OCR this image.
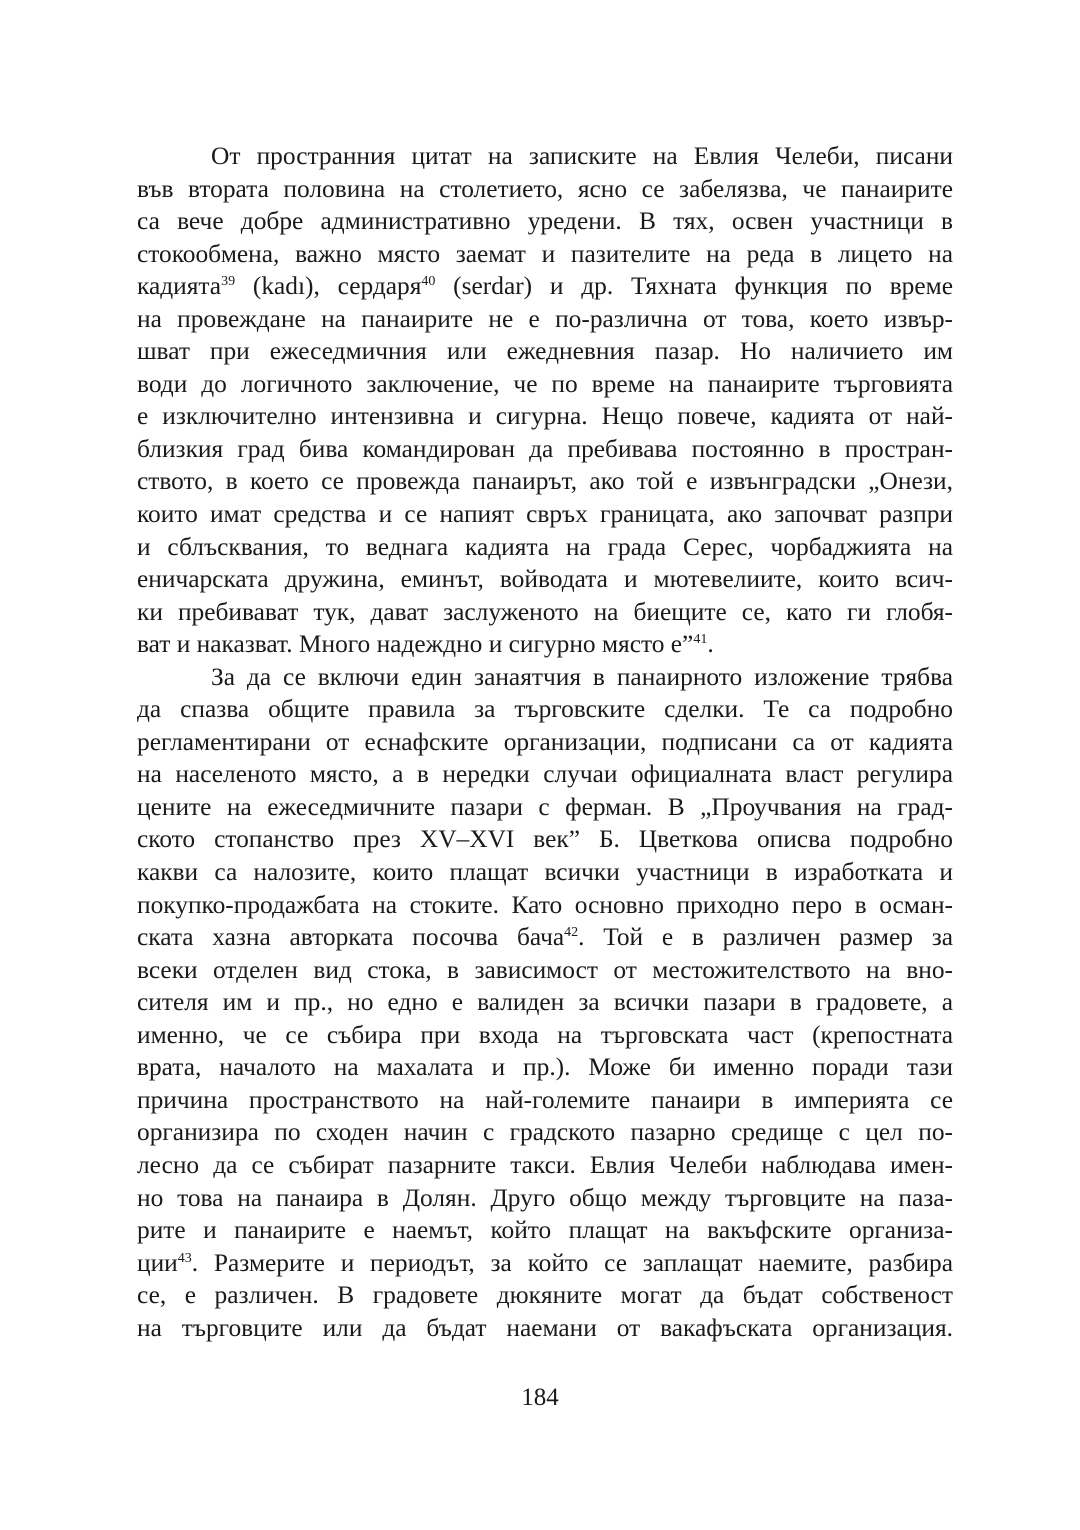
От пространния цитат на записките на Евлия Челеби, писани
във втората половина на столетието, ясно се забелязва, че панаирите
са вече добре административно уредени. В тях, освен участници в
стокообмена, важно място заемат и пазителите на реда в лицето на
кадията$^{39}$ (kadı), сердаря$^{40}$ (serdar) и др. Тяхната функция по време
на провеждане на панаирите не е по-различна от това, което извър-
шват при ежеседмичния или ежедневния пазар. Но наличието им
води до логичното заключение, че по време на панаирите търговията
е изключително интензивна и сигурна. Нещо повече, кадията от най-
близкия град бива командирован да пребивава постоянно в простран-
ството, в което се провежда панаирът, ако той е извънградски „Онези,
които имат средства и се напият свръх границата, ако започват разпри
и сблъсквания, то веднага кадията на града Серес, чорбаджията на
еничарската дружина, еминът, войводата и мютевелиите, които всич-
ки пребивават тук, дават заслуженото на биещите се, като ги глобя-
ват и наказват. Много надеждно и сигурно място е”$^{41}$.
За да се включи един занаятчия в панаирното изложение трябва
да спазва общите правила за търговските сделки. Те са подробно
регламентирани от еснафските организации, подписани са от кадията
на населеното място, а в нередки случаи официалната власт регулира
цените на ежеседмичните пазари с ферман. В „Проучвания на град-
ското стопанство през XV–XVI век” Б. Цветкова описва подробно
какви са налозите, които плащат всички участници в изработката и
покупко-продажбата на стоките. Като основно приходно перо в осман-
ската хазна авторката посочва бача$^{42}$. Той е в различен размер за
всеки отделен вид стока, в зависимост от местожителството на вно-
сителя им и пр., но едно е валиден за всички пазари в градовете, а
именно, че се събира при входа на търговската част (крепостната
врата, началото на махалата и пр.). Може би именно поради тази
причина пространството на най-големите панаири в империята се
организира по сходен начин с градското пазарно средище с цел по-
лесно да се събират пазарните такси. Евлия Челеби наблюдава имен-
но това на панаира в Долян. Друго общо между търговците на паза-
рите и панаирите е наемът, който плащат на вакъфските организа-
ции$^{43}$. Размерите и периодът, за който се заплащат наемите, разбира
се, е различен. В градовете дюкяните могат да бъдат собственост
на търговците или да бъдат наемани от вакафъската организация.
184
